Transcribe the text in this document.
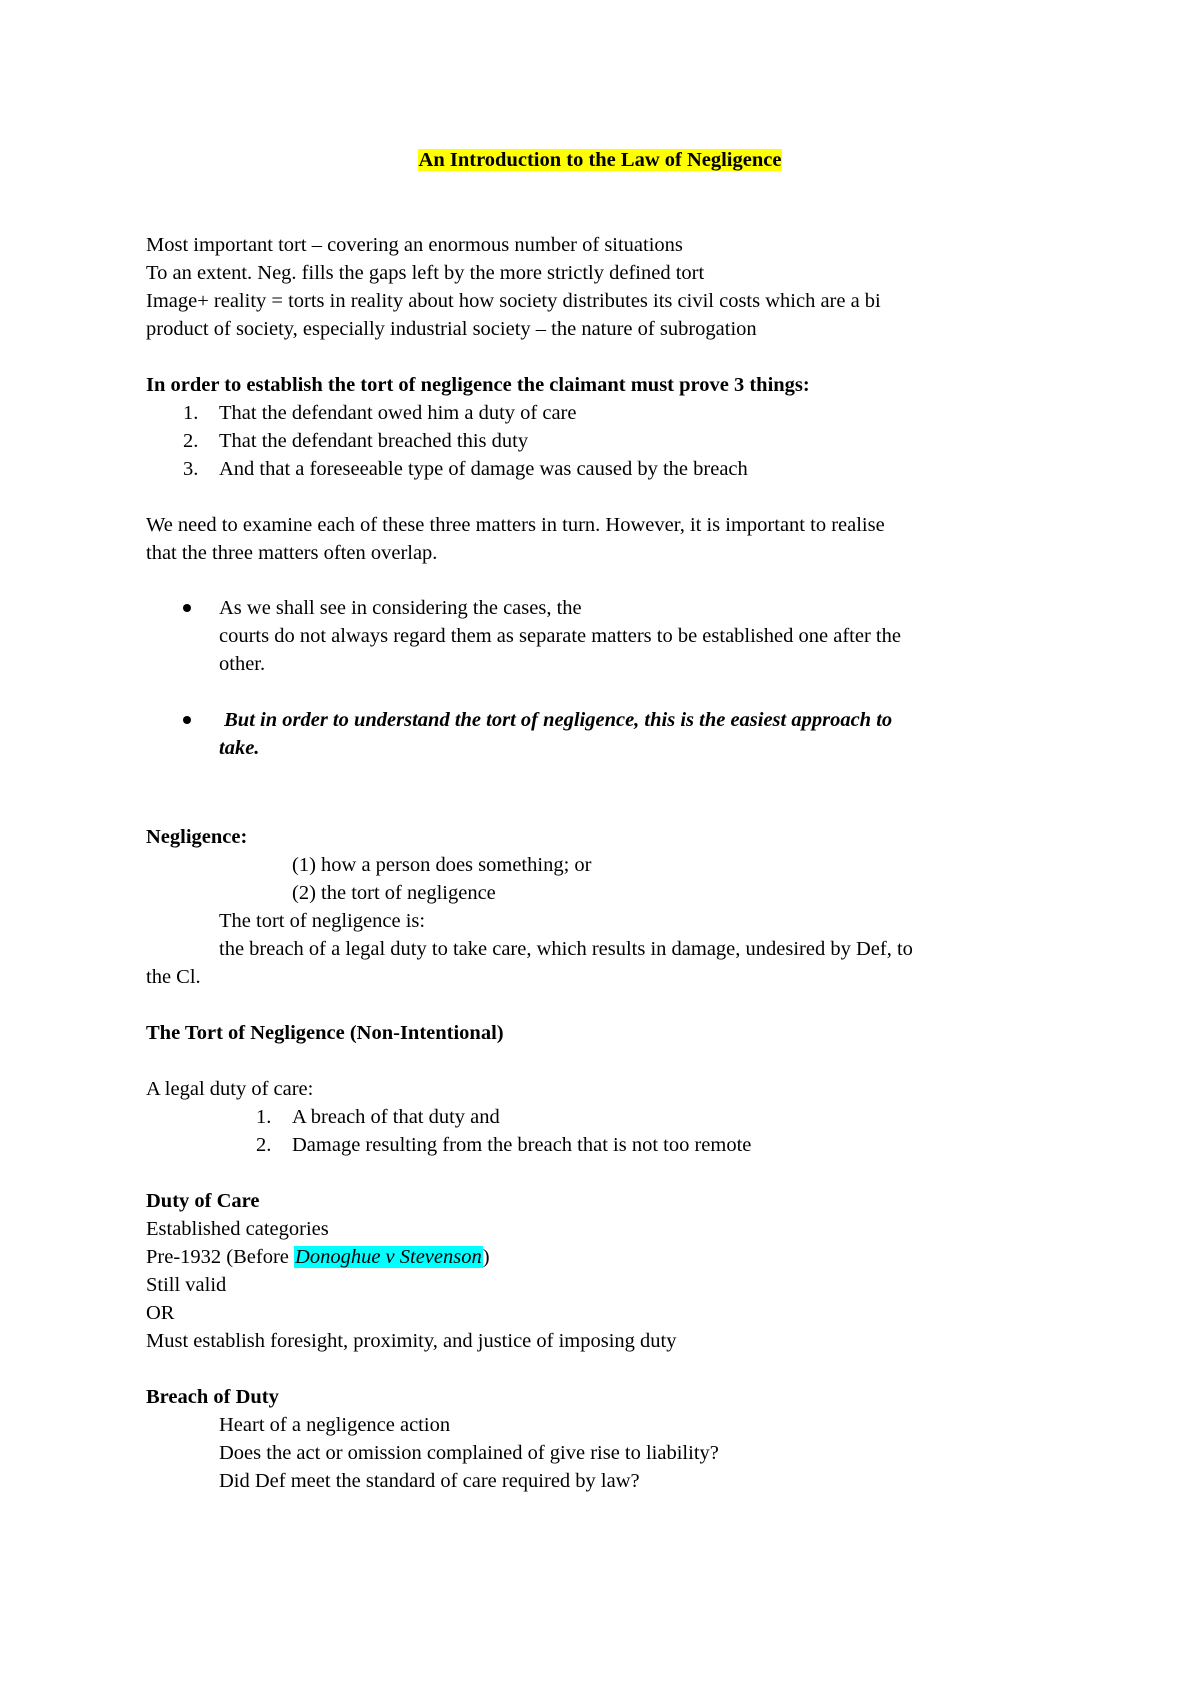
An Introduction to the Law of Negligence
Most important tort – covering an enormous number of situations
To an extent. Neg. fills the gaps left by the more strictly defined tort
Image+ reality = torts in reality about how society distributes its civil costs which are a bi
product of society, especially industrial society – the nature of subrogation
In order to establish the tort of negligence the claimant must prove 3 things:
1. That the defendant owed him a duty of care
2. That the defendant breached this duty
3. And that a foreseeable type of damage was caused by the breach
We need to examine each of these three matters in turn. However, it is important to realise
that the three matters often overlap.
As we shall see in considering the cases, the
courts do not always regard them as separate matters to be established one after the
other.
But in order to understand the tort of negligence, this is the easiest approach to
take.
Negligence:
(1) how a person does something; or
(2) the tort of negligence
The tort of negligence is:
the breach of a legal duty to take care, which results in damage, undesired by Def, to
the Cl.
The Tort of Negligence (Non-Intentional)
A legal duty of care:
1. A breach of that duty and
2. Damage resulting from the breach that is not too remote
Duty of Care
Established categories
Pre-1932 (Before Donoghue v Stevenson)
Still valid
OR
Must establish foresight, proximity, and justice of imposing duty
Breach of Duty
Heart of a negligence action
Does the act or omission complained of give rise to liability?
Did Def meet the standard of care required by law?
